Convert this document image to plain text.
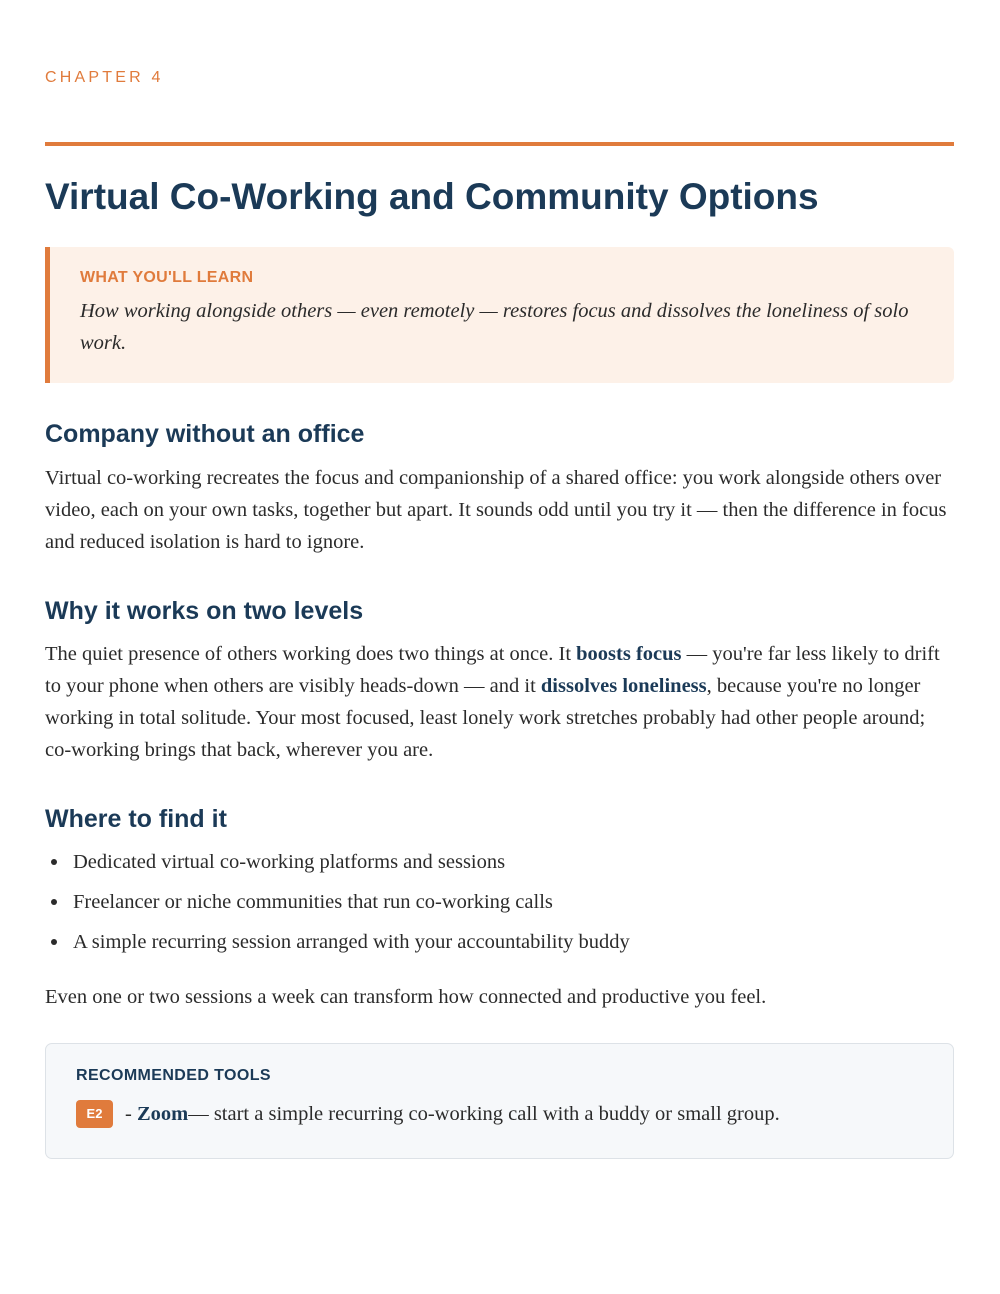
CHAPTER 4
Virtual Co-Working and Community Options
WHAT YOU'LL LEARN
How working alongside others — even remotely — restores focus and dissolves the loneliness of solo work.
Company without an office

Virtual co-working recreates the focus and companionship of a shared office: you work alongside others over video, each on your own tasks, together but apart. It sounds odd until you try it — then the difference in focus and reduced isolation is hard to ignore.

Why it works on two levels

The quiet presence of others working does two things at once. It boosts focus — you're far less likely to drift to your phone when others are visibly heads-down — and it dissolves loneliness, because you're no longer working in total solitude. Your most focused, least lonely work stretches probably had other people around; co-working brings that back, wherever you are.

Where to find it
Dedicated virtual co-working platforms and sessions
Freelancer or niche communities that run co-working calls
A simple recurring session arranged with your accountability buddy

Even one or two sessions a week can transform how connected and productive you feel.

RECOMMENDED TOOLS
E2	-
Zoom — start a simple recurring co-working call with a buddy or small group.
